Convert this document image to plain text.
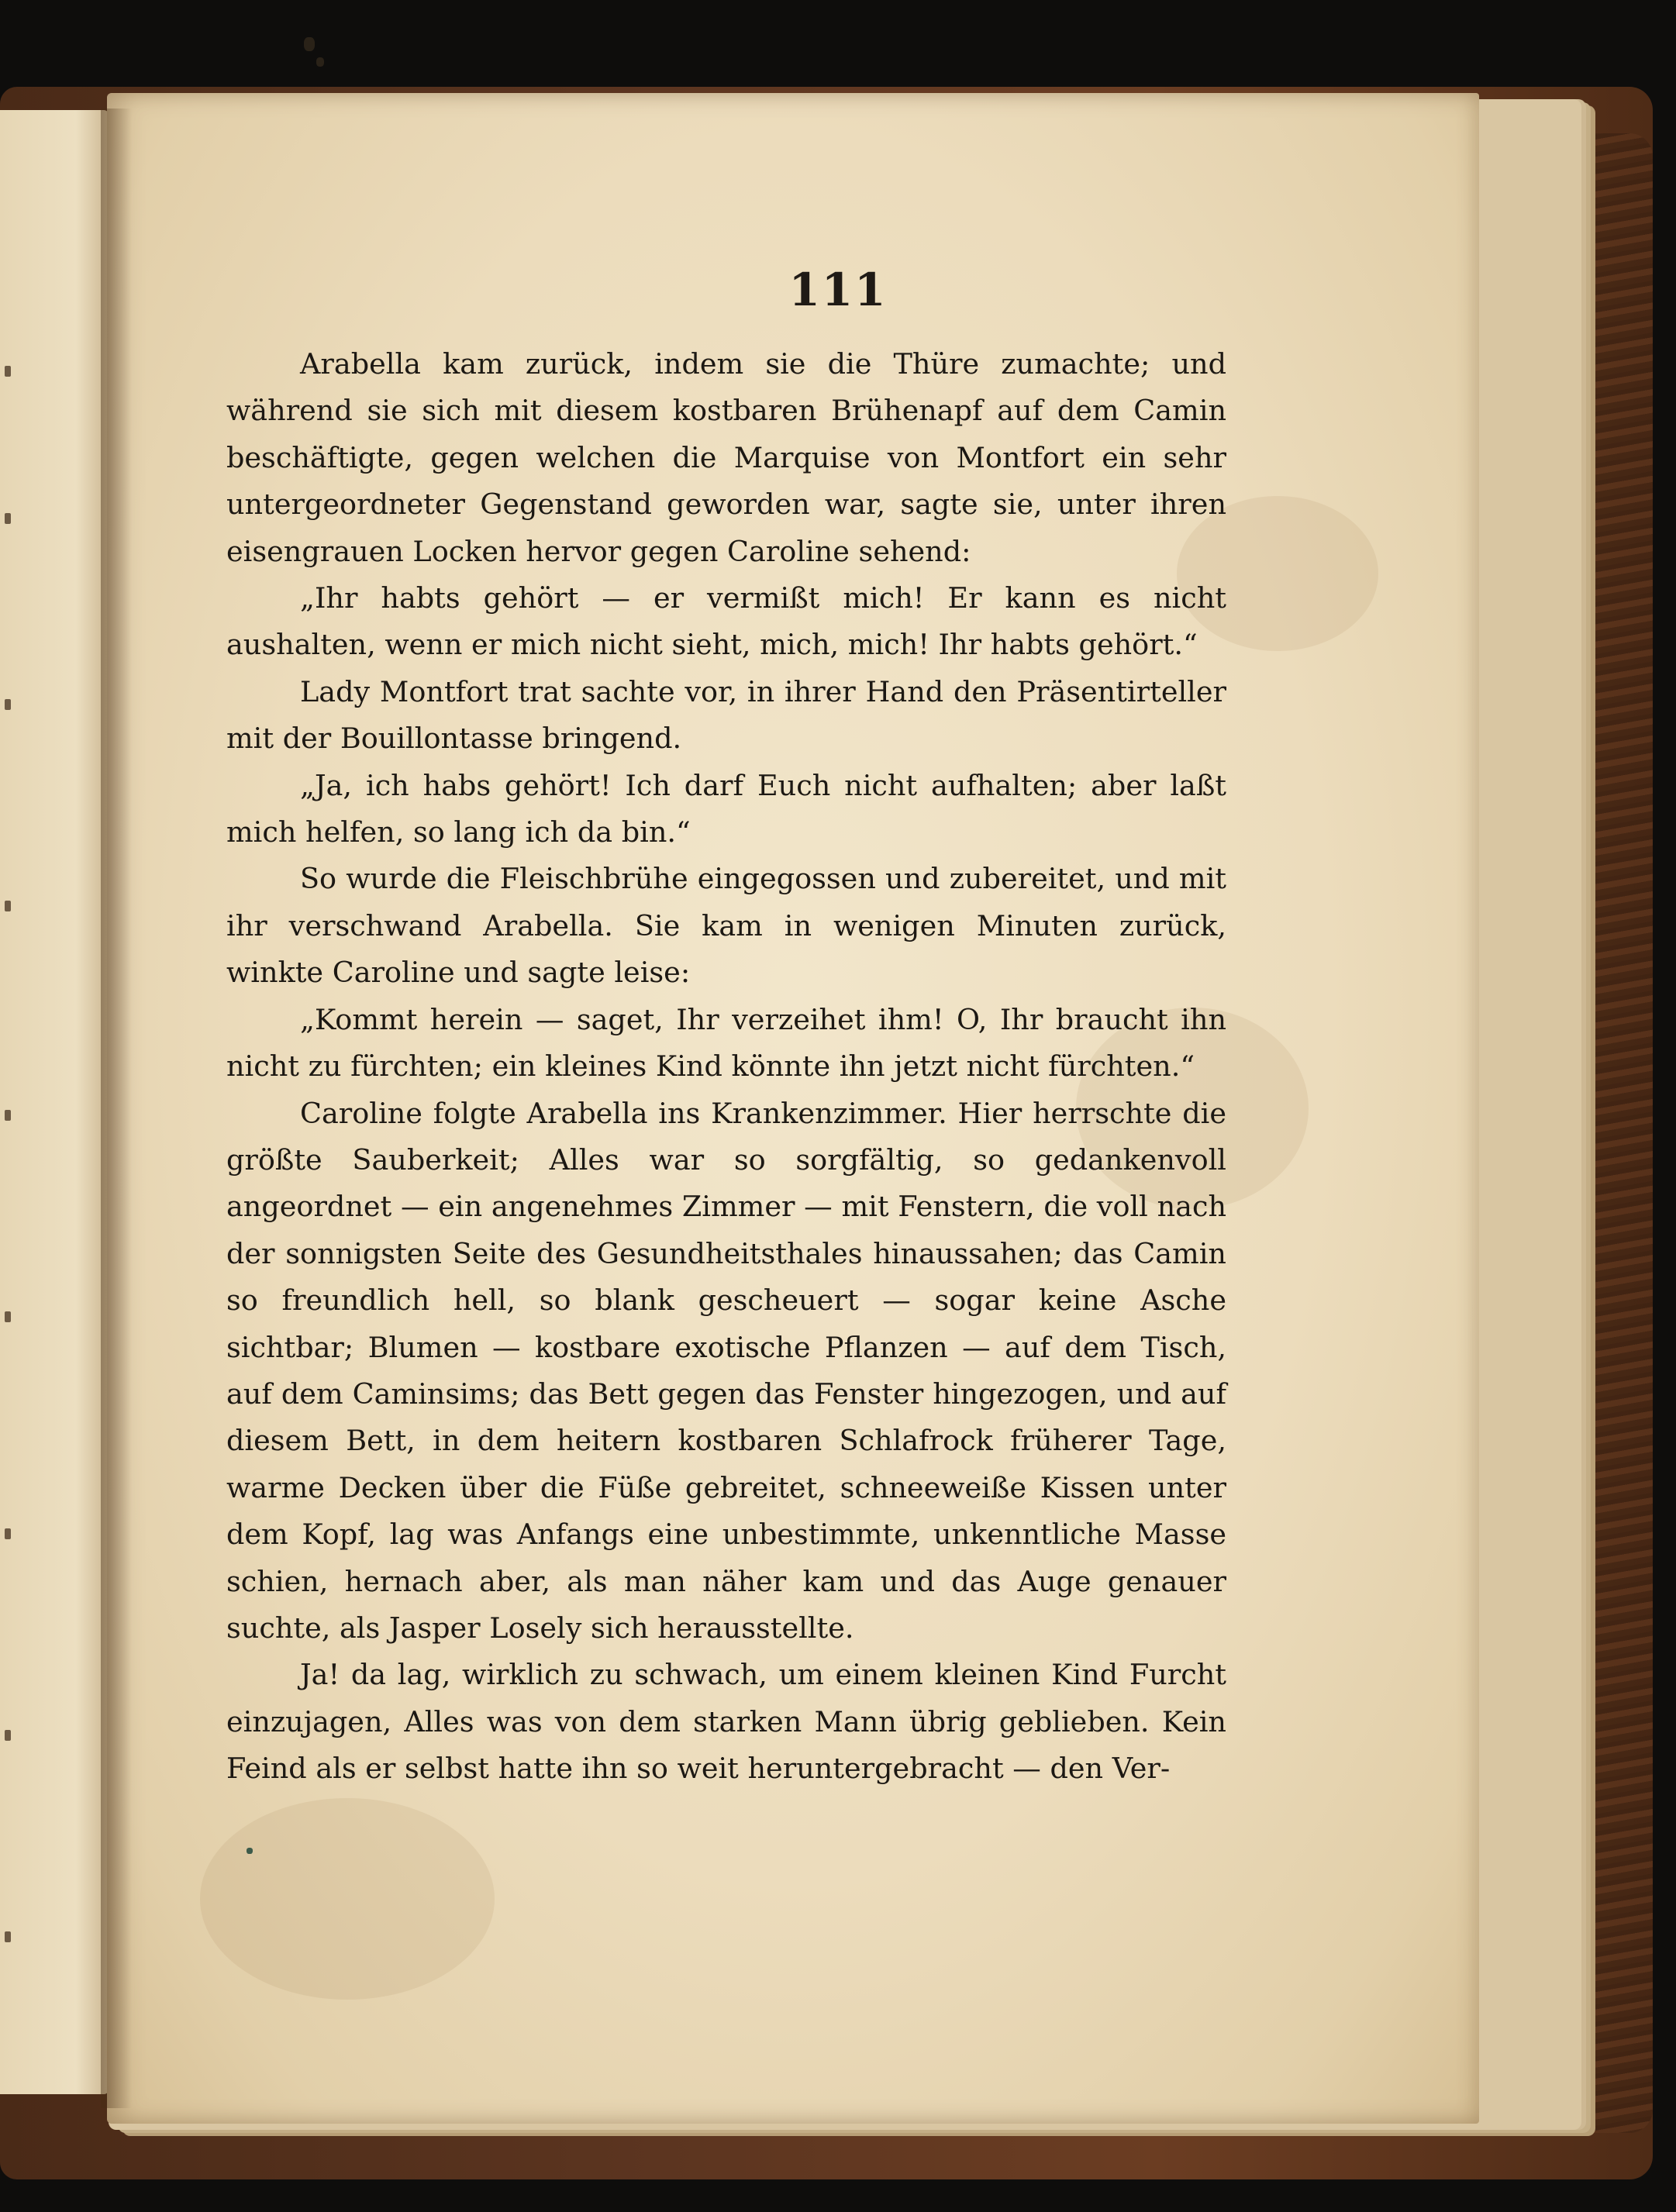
111

Arabella kam zurück, indem sie die Thüre zumachte; und während sie sich mit diesem kostbaren Brühenapf auf dem Camin beschäftigte, gegen welchen die Marquise von Montfort ein sehr untergeordneter Gegenstand geworden war, sagte sie, unter ihren eisengrauen Locken hervor gegen Caroline sehend:

„Ihr habts gehört — er vermißt mich! Er kann es nicht aushalten, wenn er mich nicht sieht, mich, mich! Ihr habts gehört.“

Lady Montfort trat sachte vor, in ihrer Hand den Präsentirteller mit der Bouillontasse bringend.

„Ja, ich habs gehört! Ich darf Euch nicht aufhalten; aber laßt mich helfen, so lang ich da bin.“

So wurde die Fleischbrühe eingegossen und zubereitet, und mit ihr verschwand Arabella. Sie kam in wenigen Minuten zurück, winkte Caroline und sagte leise:

„Kommt herein — saget, Ihr verzeihet ihm! O, Ihr braucht ihn nicht zu fürchten; ein kleines Kind könnte ihn jetzt nicht fürchten.“

Caroline folgte Arabella ins Krankenzimmer. Hier herrschte die größte Sauberkeit; Alles war so sorgfältig, so gedankenvoll angeordnet — ein angenehmes Zimmer — mit Fenstern, die voll nach der sonnigsten Seite des Gesundheitsthales hinaussahen; das Camin so freundlich hell, so blank gescheuert — sogar keine Asche sichtbar; Blumen — kostbare exotische Pflanzen — auf dem Tisch, auf dem Caminsims; das Bett gegen das Fenster hingezogen, und auf diesem Bett, in dem heitern kostbaren Schlafrock früherer Tage, warme Decken über die Füße gebreitet, schneeweiße Kissen unter dem Kopf, lag was Anfangs eine unbestimmte, unkenntliche Masse schien, hernach aber, als man näher kam und das Auge genauer suchte, als Jasper Losely sich herausstellte.

Ja! da lag, wirklich zu schwach, um einem kleinen Kind Furcht einzujagen, Alles was von dem starken Mann übrig geblieben. Kein Feind als er selbst hatte ihn so weit heruntergebracht — den Ver-
